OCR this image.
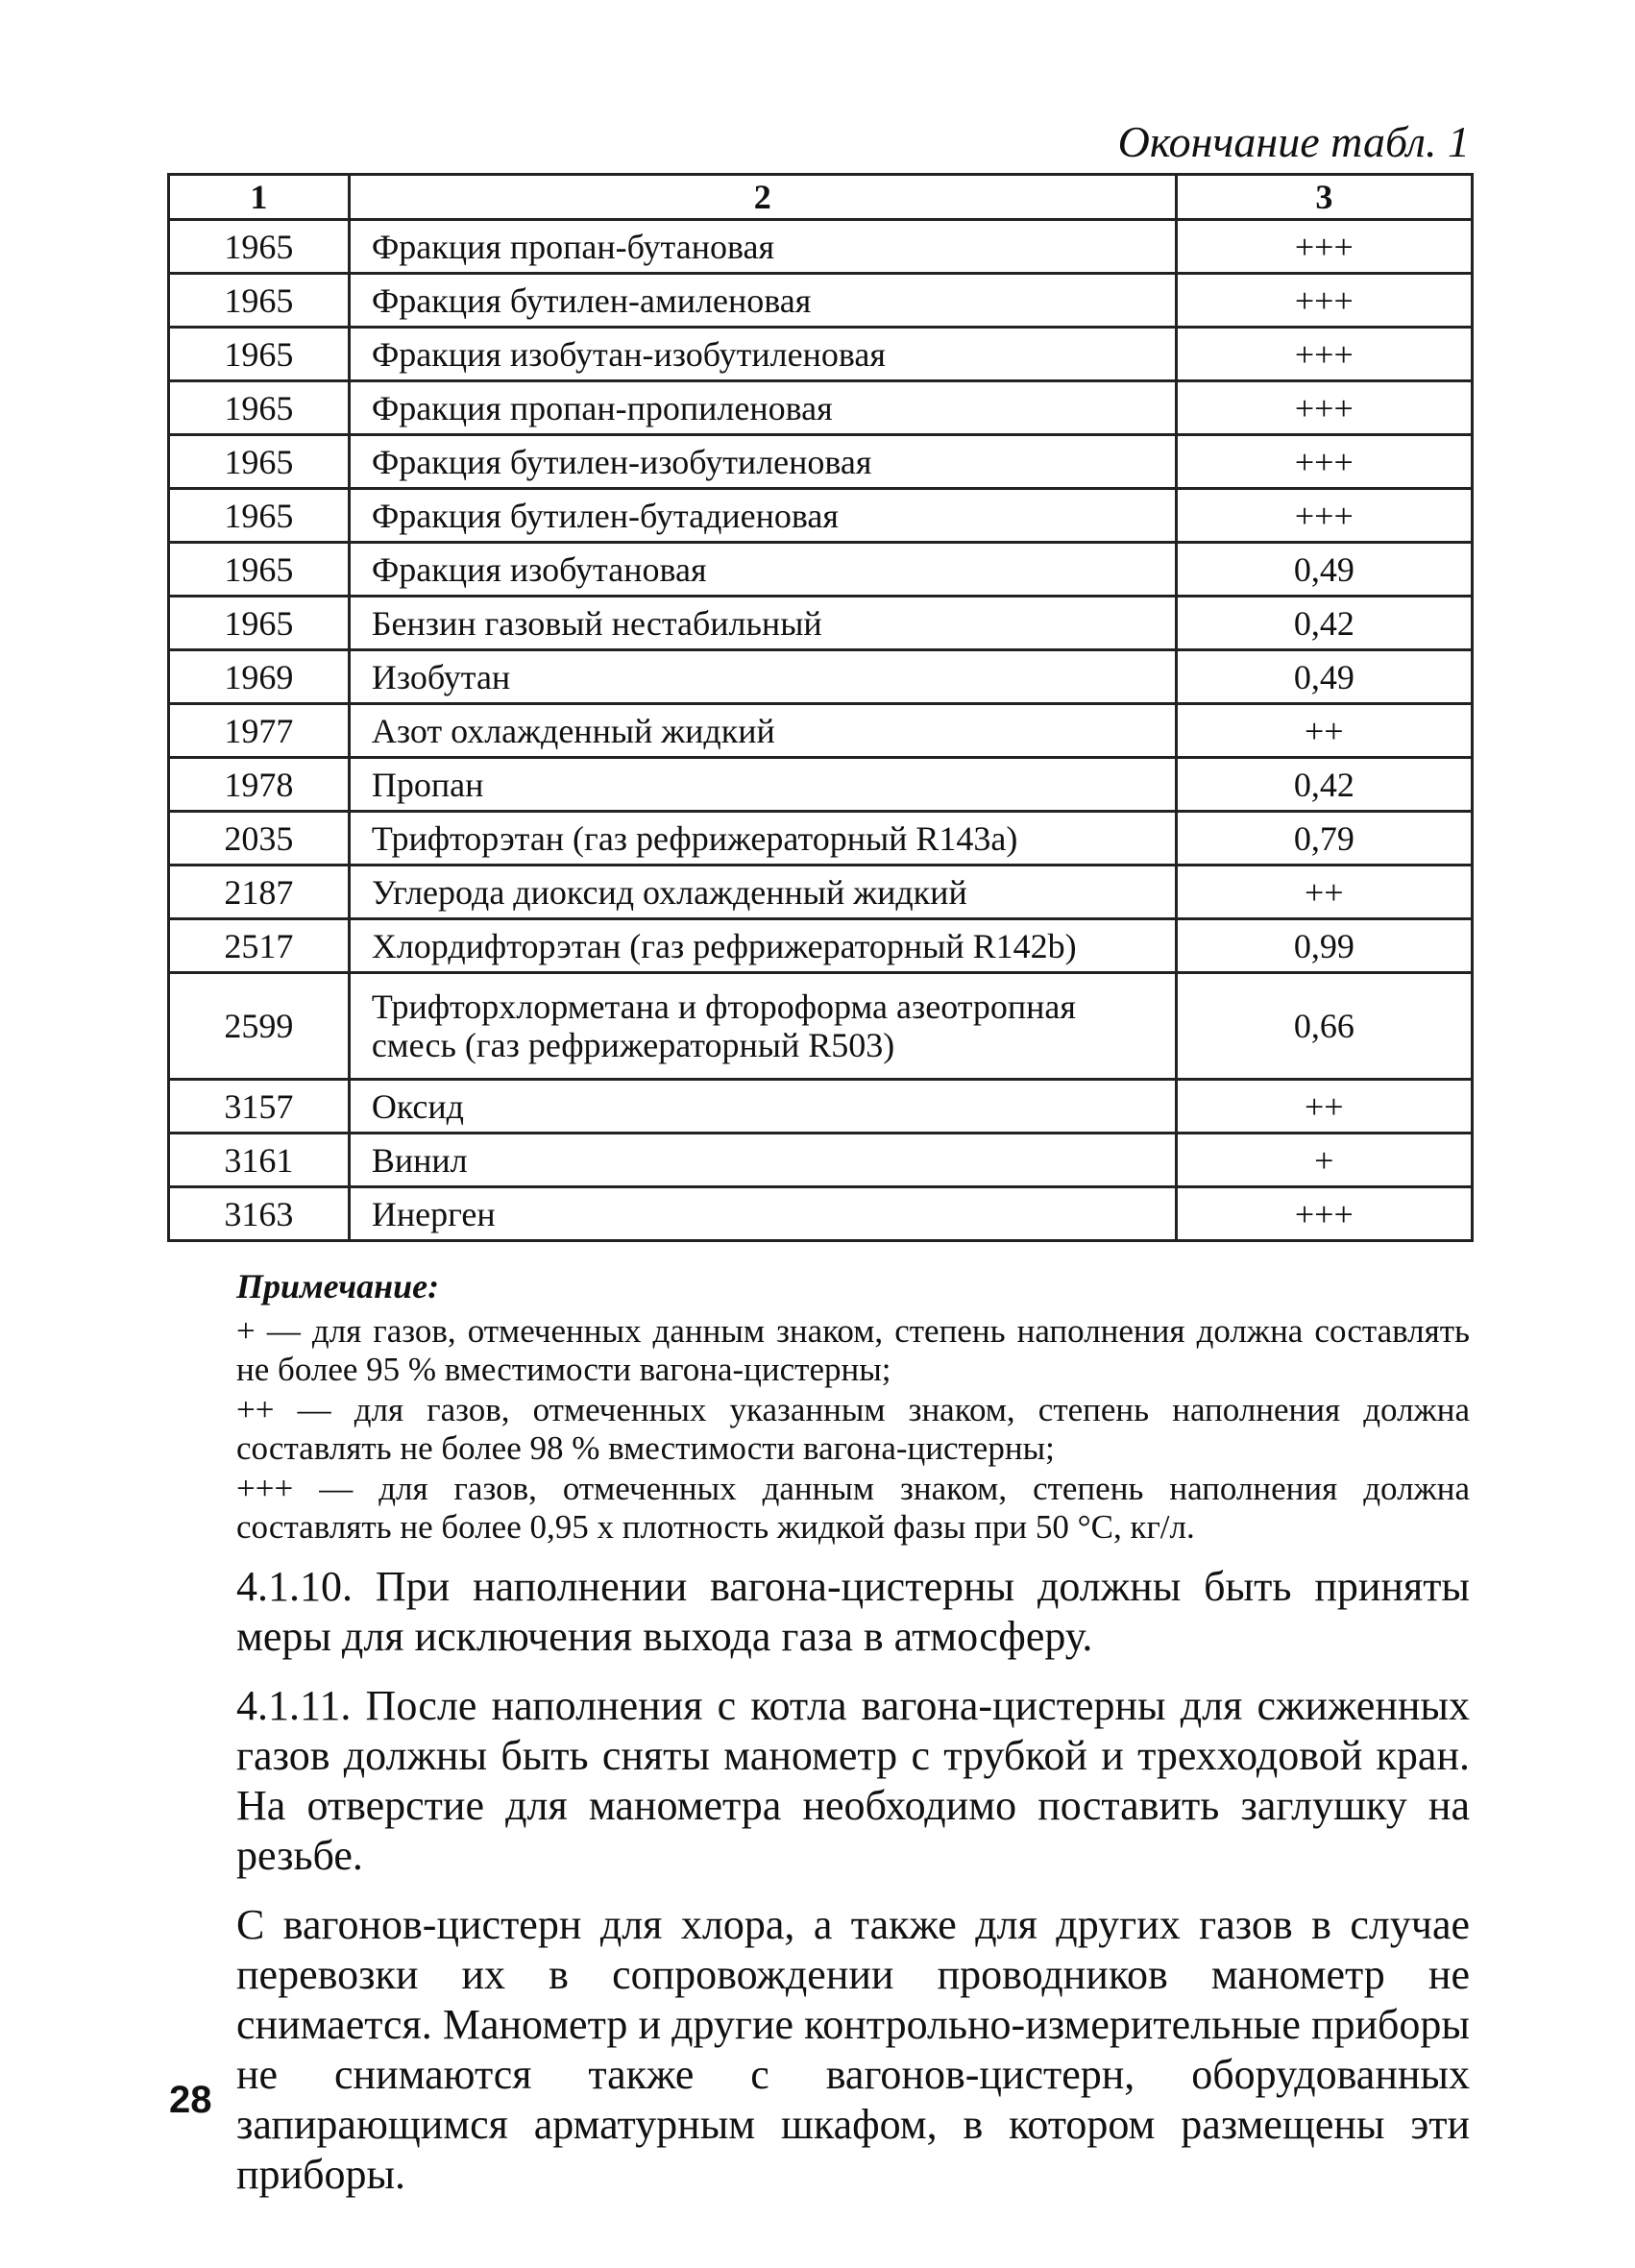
Окончание табл. 1
1	2	3
1965	Фракция пропан-бутановая	+++
1965	Фракция бутилен-амиленовая	+++
1965	Фракция изобутан-изобутиленовая	+++
1965	Фракция пропан-пропиленовая	+++
1965	Фракция бутилен-изобутиленовая	+++
1965	Фракция бутилен-бутадиеновая	+++
1965	Фракция изобутановая	0,49
1965	Бензин газовый нестабильный	0,42
1969	Изобутан	0,49
1977	Азот охлажденный жидкий	++
1978	Пропан	0,42
2035	Трифторэтан (газ рефрижераторный R143a)	0,79
2187	Углерода диоксид охлажденный жидкий	++
2517	Хлордифторэтан (газ рефрижераторный R142b)	0,99
2599	Трифторхлорметана и фтороформа азеотропная смесь (газ рефрижераторный R503)	0,66
3157	Оксид	++
3161	Винил	+
3163	Инерген	+++
Примечание:

+ — для газов, отмеченных данным знаком, степень наполнения должна составлять не более 95 % вместимости вагона-цистерны;

++ — для газов, отмеченных указанным знаком, степень наполнения должна составлять не более 98 % вместимости вагона-цистерны;

+++ — для газов, отмеченных данным знаком, степень наполнения должна составлять не более 0,95 х плотность жидкой фазы при 50 °С, кг/л.

4.1.10. При наполнении вагона-цистерны должны быть приняты меры для исключения выхода газа в атмосферу.

4.1.11. После наполнения с котла вагона-цистерны для сжиженных газов должны быть сняты манометр с трубкой и трехходовой кран. На отверстие для манометра необходимо поставить заглушку на резьбе.

С вагонов-цистерн для хлора, а также для других газов в случае перевозки их в сопровождении проводников манометр не снимается. Манометр и другие контрольно-измерительные приборы не снимаются также с вагонов-цистерн, оборудованных запирающимся арматурным шкафом, в котором размещены эти приборы.

28
